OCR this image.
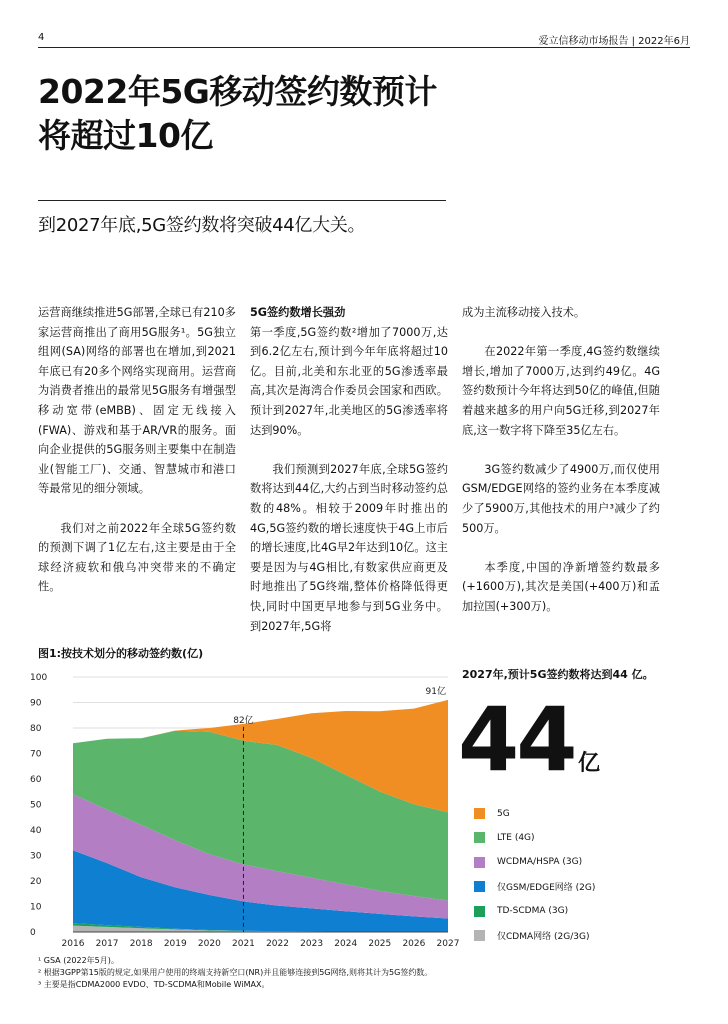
4	爱立信移动市场报告 | 2022年6月
2022年5G移动签约数预计
将超过10亿
到2027年底,5G签约数将突破44亿大关。

运营商继续推进5G部署,全球已有210多家运营商推出了商用5G服务¹。5G独立组网(SA)网络的部署也在增加,到2021年底已有20多个网络实现商用。运营商为消费者推出的最常见5G服务有增强型移动宽带(eMBB)、固定无线接入(FWA)、游戏和基于AR/VR的服务。面向企业提供的5G服务则主要集中在制造业(智能工厂)、交通、智慧城市和港口等最常见的细分领域。

我们对之前2022年全球5G签约数的预测下调了1亿左右,这主要是由于全球经济疲软和俄乌冲突带来的不确定性。

5G签约数增长强劲

第一季度,5G签约数²增加了7000万,达到6.2亿左右,预计到今年年底将超过10亿。目前,北美和东北亚的5G渗透率最高,其次是海湾合作委员会国家和西欧。预计到2027年,北美地区的5G渗透率将达到90%。

我们预测到2027年底,全球5G签约数将达到44亿,大约占到当时移动签约总数的48%。相较于2009年时推出的4G,5G签约数的增长速度快于4G上市后的增长速度,比4G早2年达到10亿。这主要是因为与4G相比,有数家供应商更及时地推出了5G终端,整体价格降低得更快,同时中国更早地参与到5G业务中。到2027年,5G将

成为主流移动接入技术。

在2022年第一季度,4G签约数继续增长,增加了7000万,达到约49亿。4G签约数预计今年将达到50亿的峰值,但随着越来越多的用户向5G迁移,到2027年底,这一数字将下降至35亿左右。

3G签约数减少了4900万,而仅使用GSM/EDGE网络的签约业务在本季度减少了5900万,其他技术的用户³减少了约500万。

本季度,中国的净新增签约数最多(+1600万),其次是美国(+400万)和孟加拉国(+300万)。

图1:按技术划分的移动签约数(亿)
0
10
20
30
40
50
60
70
80
90
100
2016 2017 2018 2019 2020 2021 2022 2023 2024 2025 2026 2027
82亿
91亿
2027年,预计5G签约数将达到44 亿。
44 亿
5G
LTE (4G)
WCDMA/HSPA (3G)
仅GSM/EDGE网络 (2G)
TD-SCDMA (3G)
仅CDMA网络 (2G/3G)
¹ GSA (2022年5月)。
² 根据3GPP第15版的规定,如果用户使用的终端支持新空口(NR)并且能够连接到5G网络,则将其计为5G签约数。
³ 主要是指CDMA2000 EVDO、TD-SCDMA和Mobile WiMAX。
